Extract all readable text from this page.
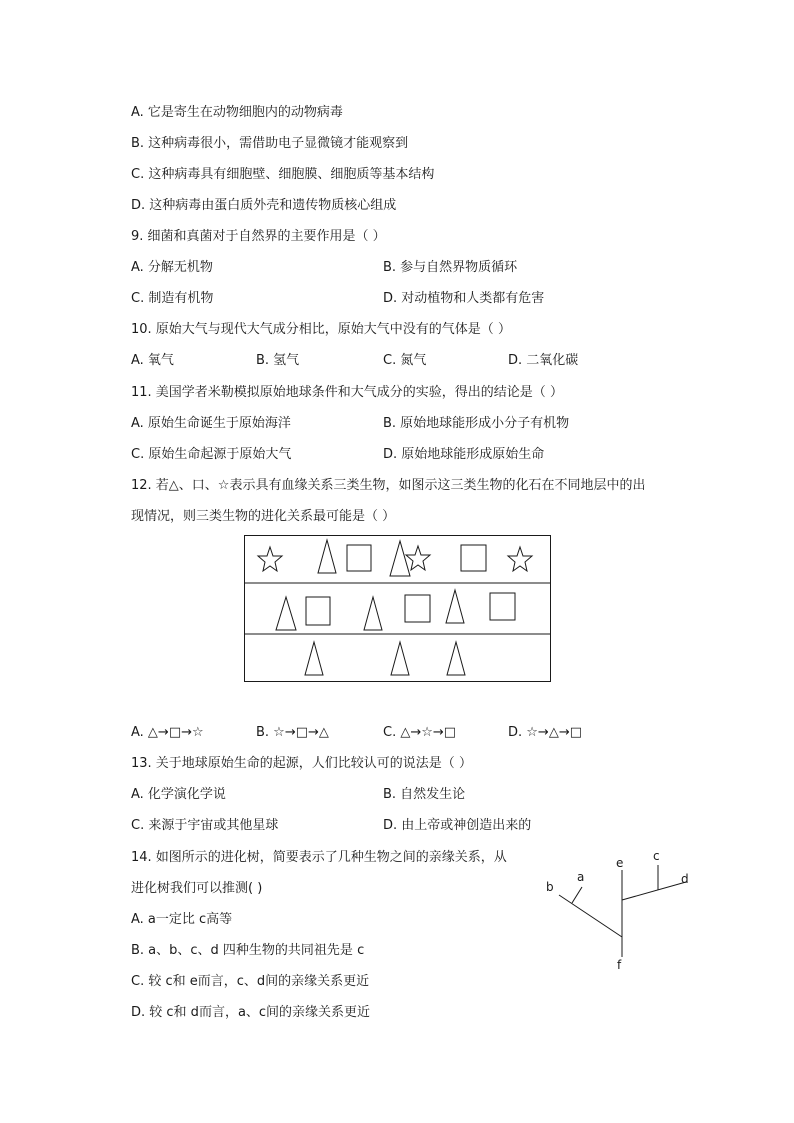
A. 它是寄生在动物细胞内的动物病毒
B. 这种病毒很小，需借助电子显微镜才能观察到
C. 这种病毒具有细胞壁、细胞膜、细胞质等基本结构
D. 这种病毒由蛋白质外壳和遗传物质核心组成
9. 细菌和真菌对于自然界的主要作用是（ ）
A. 分解无机物	B. 参与自然界物质循环
C. 制造有机物	D. 对动植物和人类都有危害
10. 原始大气与现代大气成分相比，原始大气中没有的气体是（ ）
A. 氧气	B. 氢气	C. 氮气	D. 二氧化碳
11. 美国学者米勒模拟原始地球条件和大气成分的实验，得出的结论是（ ）
A. 原始生命诞生于原始海洋	B. 原始地球能形成小分子有机物
C. 原始生命起源于原始大气	D. 原始地球能形成原始生命
12. 若△、口、☆表示具有血缘关系三类生物，如图示这三类生物的化石在不同地层中的出
现情况，则三类生物的进化关系最可能是（ ）
A. △→□→☆	B. ☆→□→△	C. △→☆→□	D. ☆→△→□
13. 关于地球原始生命的起源，人们比较认可的说法是（ ）
A. 化学演化学说	B. 自然发生论
C. 来源于宇宙或其他星球	D. 由上帝或神创造出来的
14. 如图所示的进化树，简要表示了几种生物之间的亲缘关系，从
进化树我们可以推测( )
A. a一定比 c高等
B. a、b、c、d 四种生物的共同祖先是 c
C. 较 c和 e而言，c、d间的亲缘关系更近
D. 较 c和 d而言，a、c间的亲缘关系更近
e c
d
a
b
f
